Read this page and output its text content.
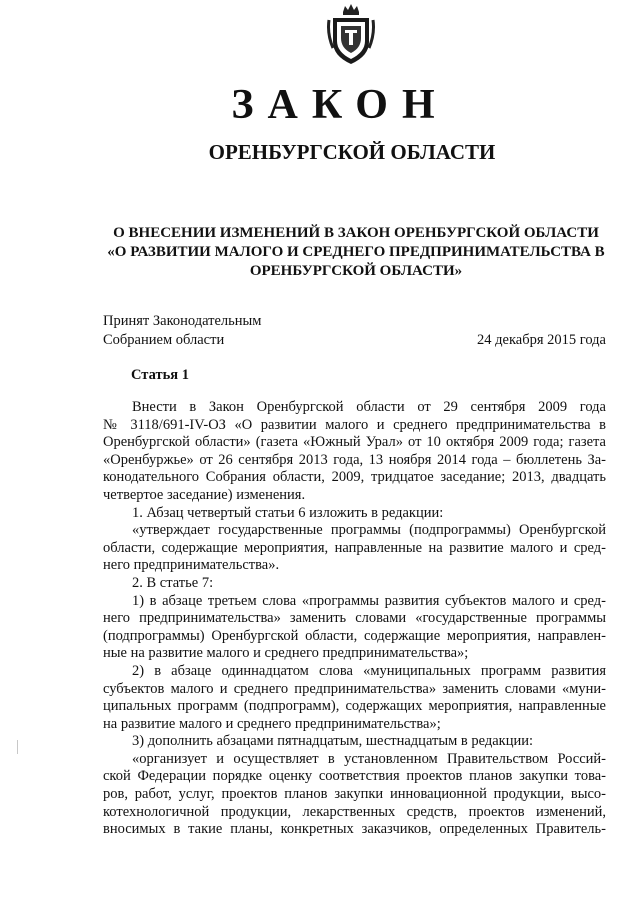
ЗАКОН
ОРЕНБУРГСКОЙ ОБЛАСТИ
О ВНЕСЕНИИ ИЗМЕНЕНИЙ В ЗАКОН ОРЕНБУРГСКОЙ ОБЛАСТИ
«О РАЗВИТИИ МАЛОГО И СРЕДНЕГО ПРЕДПРИНИМАТЕЛЬСТВА В
ОРЕНБУРГСКОЙ ОБЛАСТИ»
Принят Законодательным
Собранием области	24 декабря 2015 года
Статья 1
Внести в Закон Оренбургской области от 29 сентября 2009 года
№ 3118/691-IV-ОЗ «О развитии малого и среднего предпринимательства в
Оренбургской области» (газета «Южный Урал» от 10 октября 2009 года; газета
«Оренбуржье» от 26 сентября 2013 года, 13 ноября 2014 года – бюллетень За-
конодательного Собрания области, 2009, тридцатое заседание; 2013, двадцать
четвертое заседание) изменения.
1. Абзац четвертый статьи 6 изложить в редакции:
«утверждает государственные программы (подпрограммы) Оренбургской
области, содержащие мероприятия, направленные на развитие малого и сред-
него предпринимательства».
2. В статье 7:
1) в абзаце третьем слова «программы развития субъектов малого и сред-
него предпринимательства» заменить словами «государственные программы
(подпрограммы) Оренбургской области, содержащие мероприятия, направлен-
ные на развитие малого и среднего предпринимательства»;
2) в абзаце одиннадцатом слова «муниципальных программ развития
субъектов малого и среднего предпринимательства» заменить словами «муни-
ципальных программ (подпрограмм), содержащих мероприятия, направленные
на развитие малого и среднего предпринимательства»;
3) дополнить абзацами пятнадцатым, шестнадцатым в редакции:
«организует и осуществляет в установленном Правительством Россий-
ской Федерации порядке оценку соответствия проектов планов закупки това-
ров, работ, услуг, проектов планов закупки инновационной продукции, высо-
котехнологичной продукции, лекарственных средств, проектов изменений,
вносимых в такие планы, конкретных заказчиков, определенных Правитель-
